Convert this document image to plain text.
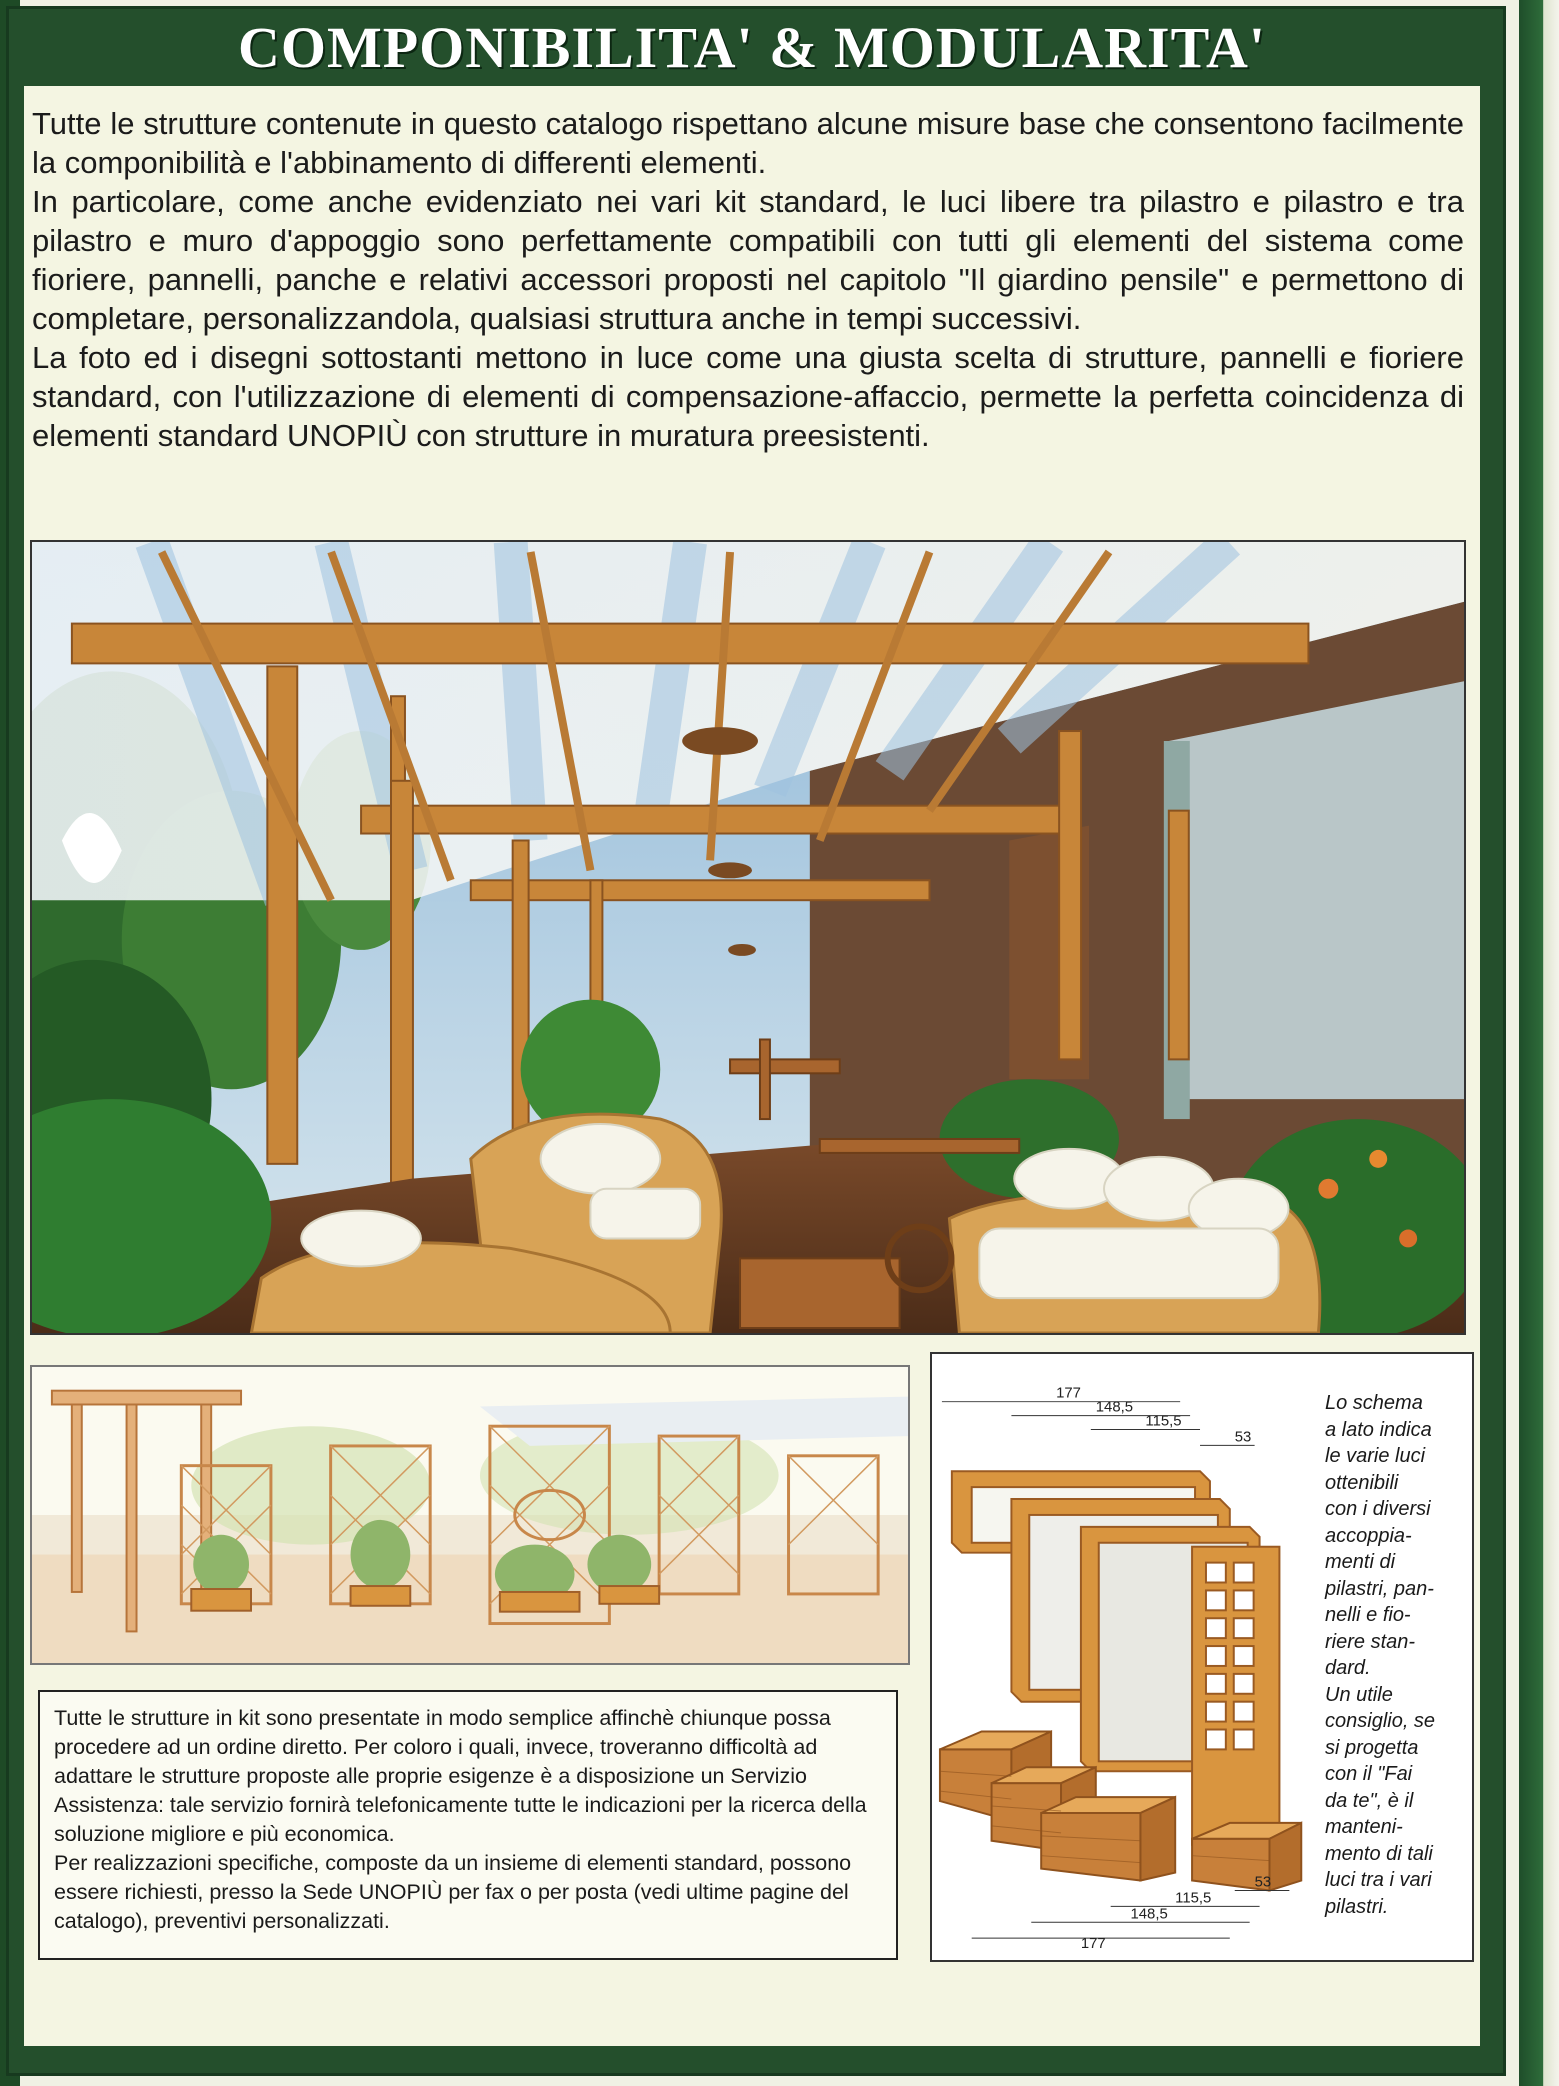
COMPONIBILITA' & MODULARITA'

Tutte le strutture contenute in questo catalogo rispettano alcune misure base che consentono facilmente la componibilità e l'abbinamento di differenti elementi.

In particolare, come anche evidenziato nei vari kit standard, le luci libere tra pilastro e pilastro e tra pilastro e muro d'appoggio sono perfettamente compatibili con tutti gli elementi del sistema come fioriere, pannelli, panche e relativi accessori proposti nel capitolo "Il giardino pensile" e permettono di completare, personalizzandola, qualsiasi struttura anche in tempi successivi.

La foto ed i disegni sottostanti mettono in luce come una giusta scelta di strutture, pannelli e fioriere standard, con l'utilizzazione di elementi di compensazione-affaccio, permette la perfetta coincidenza di elementi standard UNOPIÙ con strutture in muratura preesistenti.

Tutte le strutture in kit sono presentate in modo semplice affinchè chiunque possa procedere ad un ordine diretto. Per coloro i quali, invece, troveranno difficoltà ad adattare le strutture proposte alle proprie esigenze è a disposizione un Servizio Assistenza: tale servizio fornirà telefonicamente tutte le indicazioni per la ricerca della soluzione migliore e più economica.

Per realizzazioni specifiche, composte da un insieme di elementi standard, possono essere richiesti, presso la Sede UNOPIÙ per fax o per posta (vedi ultime pagine del catalogo), preventivi personalizzati.

177
148,5
115,5
53
53
115,5
148,5
177

Lo schema
a lato indica
le varie luci
ottenibili
con i diversi
accoppia-
menti di
pilastri, pan-
nelli e fio-
riere stan-
dard.

Un utile
consiglio, se
si progetta
con il "Fai
da te", è il
manteni-
mento di tali
luci tra i vari
pilastri.
